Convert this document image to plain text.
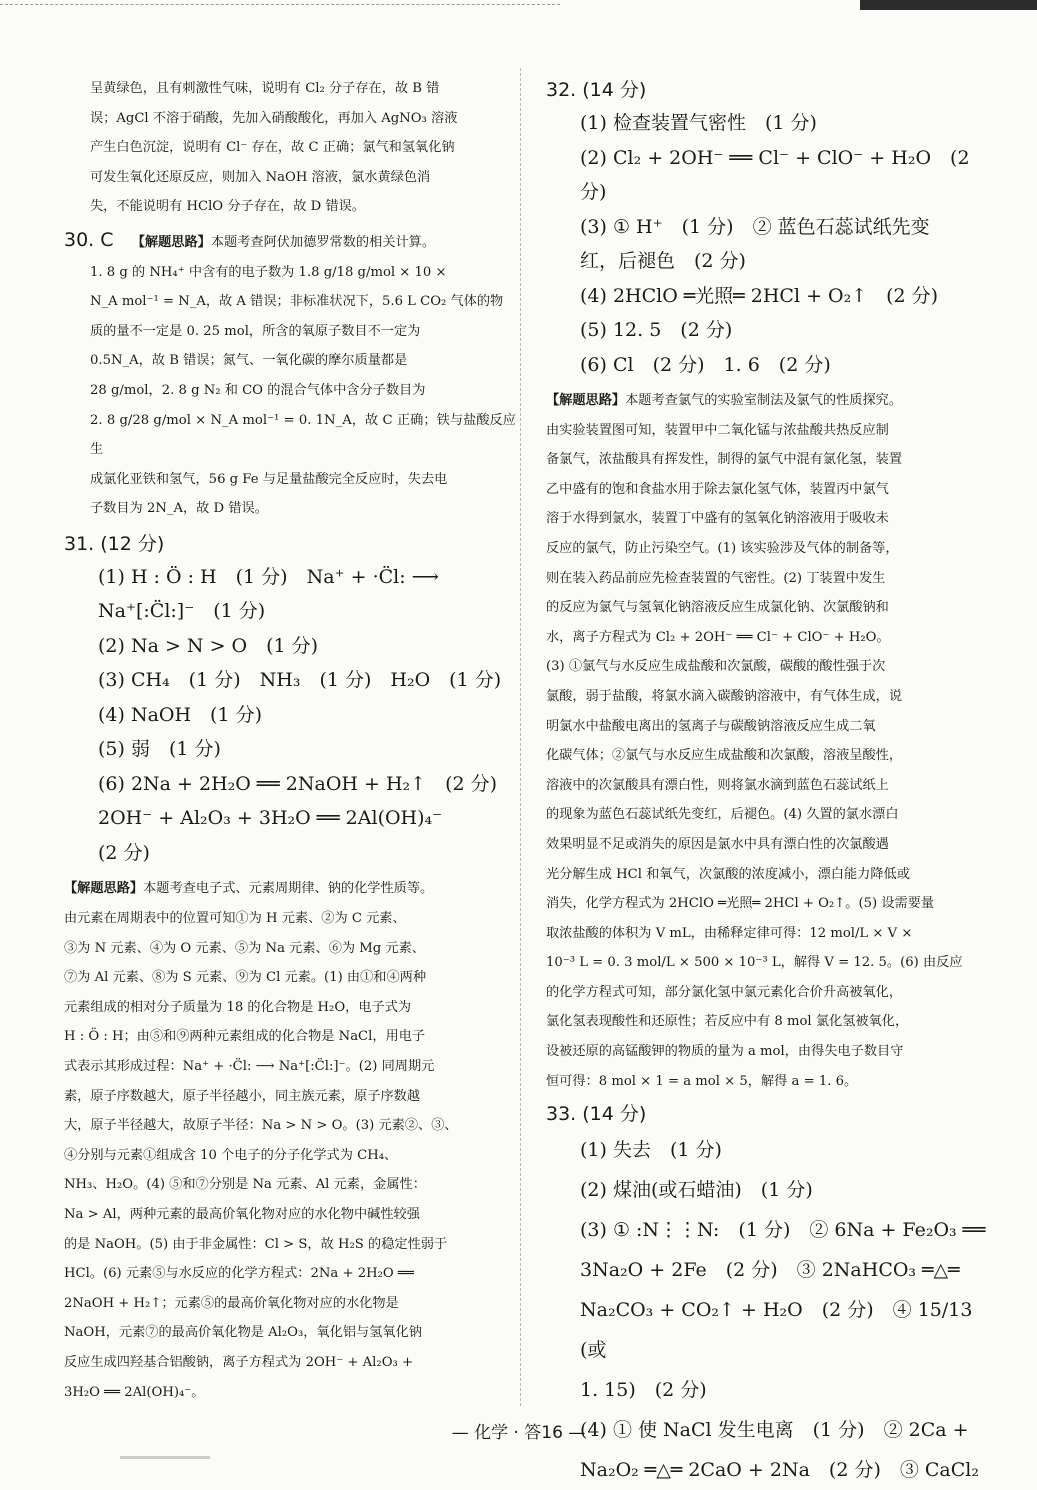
呈黄绿色，且有刺激性气味，说明有 Cl₂ 分子存在，故 B 错

误；AgCl 不溶于硝酸，先加入硝酸酸化，再加入 AgNO₃ 溶液

产生白色沉淀，说明有 Cl⁻ 存在，故 C 正确；氯气和氢氧化钠

可发生氧化还原反应，则加入 NaOH 溶液，氯水黄绿色消

失，不能说明有 HClO 分子存在，故 D 错误。

30. C 【解题思路】本题考查阿伏加德罗常数的相关计算。

1. 8 g 的 NH₄⁺ 中含有的电子数为 1.8 g/18 g/mol × 10 ×

N_A mol⁻¹ = N_A，故 A 错误；非标准状况下，5.6 L CO₂ 气体的物

质的量不一定是 0. 25 mol，所含的氧原子数目不一定为

0.5N_A，故 B 错误；氮气、一氧化碳的摩尔质量都是

28 g/mol，2. 8 g N₂ 和 CO 的混合气体中含分子数目为

2. 8 g/28 g/mol × N_A mol⁻¹ = 0. 1N_A，故 C 正确；铁与盐酸反应生

成氯化亚铁和氢气，56 g Fe 与足量盐酸完全反应时，失去电

子数目为 2N_A，故 D 错误。

31. (12 分)

(1) H : Ö : H　(1 分)　Na⁺ + ·C̈l: ⟶

Na⁺[:C̈l:]⁻　(1 分)

(2) Na > N > O　(1 分)

(3) CH₄　(1 分)　NH₃　(1 分)　H₂O　(1 分)

(4) NaOH　(1 分)

(5) 弱　(1 分)

(6) 2Na + 2H₂O ══ 2NaOH + H₂↑　(2 分)

2OH⁻ + Al₂O₃ + 3H₂O ══ 2Al(OH)₄⁻

(2 分)

【解题思路】本题考查电子式、元素周期律、钠的化学性质等。

由元素在周期表中的位置可知①为 H 元素、②为 C 元素、

③为 N 元素、④为 O 元素、⑤为 Na 元素、⑥为 Mg 元素、

⑦为 Al 元素、⑧为 S 元素、⑨为 Cl 元素。(1) 由①和④两种

元素组成的相对分子质量为 18 的化合物是 H₂O，电子式为

H : Ö : H；由⑤和⑨两种元素组成的化合物是 NaCl，用电子

式表示其形成过程：Na⁺ + ·C̈l: ⟶ Na⁺[:C̈l:]⁻。(2) 同周期元

素，原子序数越大，原子半径越小，同主族元素，原子序数越

大，原子半径越大，故原子半径：Na > N > O。(3) 元素②、③、

④分别与元素①组成含 10 个电子的分子化学式为 CH₄、

NH₃、H₂O。(4) ⑤和⑦分别是 Na 元素、Al 元素，金属性：

Na > Al，两种元素的最高价氧化物对应的水化物中碱性较强

的是 NaOH。(5) 由于非金属性：Cl > S，故 H₂S 的稳定性弱于

HCl。(6) 元素⑤与水反应的化学方程式：2Na + 2H₂O ══

2NaOH + H₂↑；元素⑤的最高价氧化物对应的水化物是

NaOH，元素⑦的最高价氧化物是 Al₂O₃，氧化铝与氢氧化钠

反应生成四羟基合铝酸钠，离子方程式为 2OH⁻ + Al₂O₃ +

3H₂O ══ 2Al(OH)₄⁻。

32. (14 分)

(1) 检查装置气密性　(1 分)

(2) Cl₂ + 2OH⁻ ══ Cl⁻ + ClO⁻ + H₂O　(2 分)

(3) ① H⁺　(1 分)　② 蓝色石蕊试纸先变

红，后褪色　(2 分)

(4) 2HClO ═光照═ 2HCl + O₂↑　(2 分)

(5) 12. 5　(2 分)

(6) Cl　(2 分)　1. 6　(2 分)

【解题思路】本题考查氯气的实验室制法及氯气的性质探究。

由实验装置图可知，装置甲中二氧化锰与浓盐酸共热反应制

备氯气，浓盐酸具有挥发性，制得的氯气中混有氯化氢，装置

乙中盛有的饱和食盐水用于除去氯化氢气体，装置丙中氯气

溶于水得到氯水，装置丁中盛有的氢氧化钠溶液用于吸收未

反应的氯气，防止污染空气。(1) 该实验涉及气体的制备等，

则在装入药品前应先检查装置的气密性。(2) 丁装置中发生

的反应为氯气与氢氧化钠溶液反应生成氯化钠、次氯酸钠和

水，离子方程式为 Cl₂ + 2OH⁻ ══ Cl⁻ + ClO⁻ + H₂O。

(3) ①氯气与水反应生成盐酸和次氯酸，碳酸的酸性强于次

氯酸，弱于盐酸，将氯水滴入碳酸钠溶液中，有气体生成，说

明氯水中盐酸电离出的氢离子与碳酸钠溶液反应生成二氧

化碳气体；②氯气与水反应生成盐酸和次氯酸，溶液呈酸性，

溶液中的次氯酸具有漂白性，则将氯水滴到蓝色石蕊试纸上

的现象为蓝色石蕊试纸先变红，后褪色。(4) 久置的氯水漂白

效果明显不足或消失的原因是氯水中具有漂白性的次氯酸遇

光分解生成 HCl 和氧气，次氯酸的浓度减小，漂白能力降低或

消失，化学方程式为 2HClO ═光照═ 2HCl + O₂↑。(5) 设需要量

取浓盐酸的体积为 V mL，由稀释定律可得：12 mol/L × V ×

10⁻³ L = 0. 3 mol/L × 500 × 10⁻³ L，解得 V = 12. 5。(6) 由反应

的化学方程式可知，部分氯化氢中氯元素化合价升高被氧化，

氯化氢表现酸性和还原性；若反应中有 8 mol 氯化氢被氧化，

设被还原的高锰酸钾的物质的量为 a mol，由得失电子数目守

恒可得：8 mol × 1 = a mol × 5，解得 a = 1. 6。

33. (14 分)

(1) 失去　(1 分)

(2) 煤油(或石蜡油)　(1 分)

(3) ① :N⋮⋮N:　(1 分)　② 6Na + Fe₂O₃ ══

3Na₂O + 2Fe　(2 分)　③ 2NaHCO₃ ═△═

Na₂CO₃ + CO₂↑ + H₂O　(2 分)　④ 15/13 (或

1. 15)　(2 分)

(4) ① 使 NaCl 发生电离　(1 分)　② 2Ca +

Na₂O₂ ═△═ 2CaO + 2Na　(2 分)　③ CaCl₂

— 化学 · 答16 —
